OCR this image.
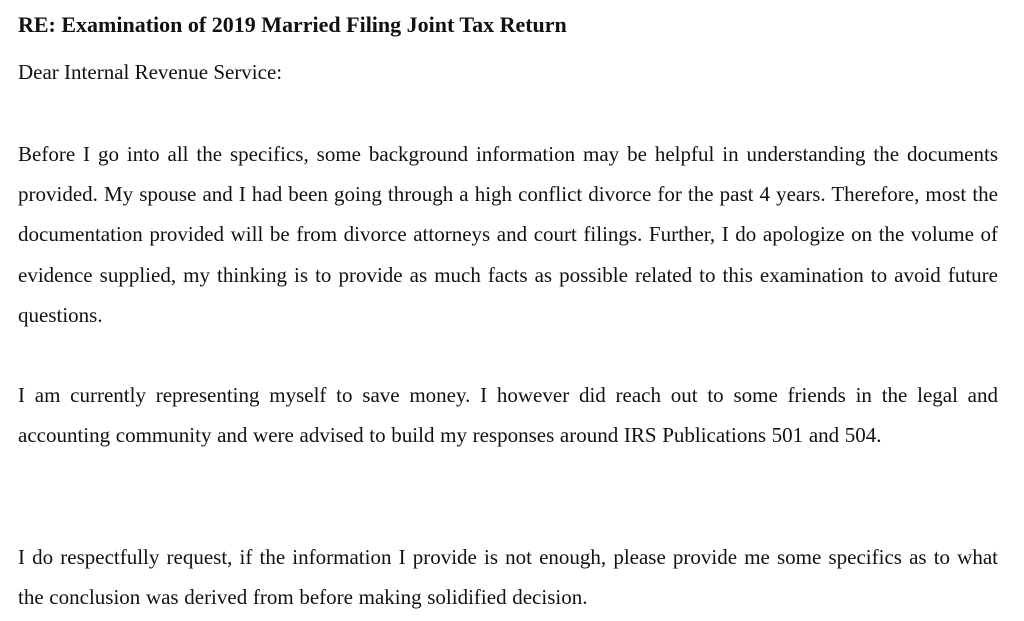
RE: Examination of 2019 Married Filing Joint Tax Return
Dear Internal Revenue Service:

Before I go into all the specifics, some background information may be helpful in understanding the documents provided. My spouse and I had been going through a high conflict divorce for the past 4 years. Therefore, most the documentation provided will be from divorce attorneys and court filings. Further, I do apologize on the volume of evidence supplied, my thinking is to provide as much facts as possible related to this examination to avoid future questions.

I am currently representing myself to save money. I however did reach out to some friends in the legal and accounting community and were advised to build my responses around IRS Publications 501 and 504.

I do respectfully request, if the information I provide is not enough, please provide me some specifics as to what the conclusion was derived from before making solidified decision.
